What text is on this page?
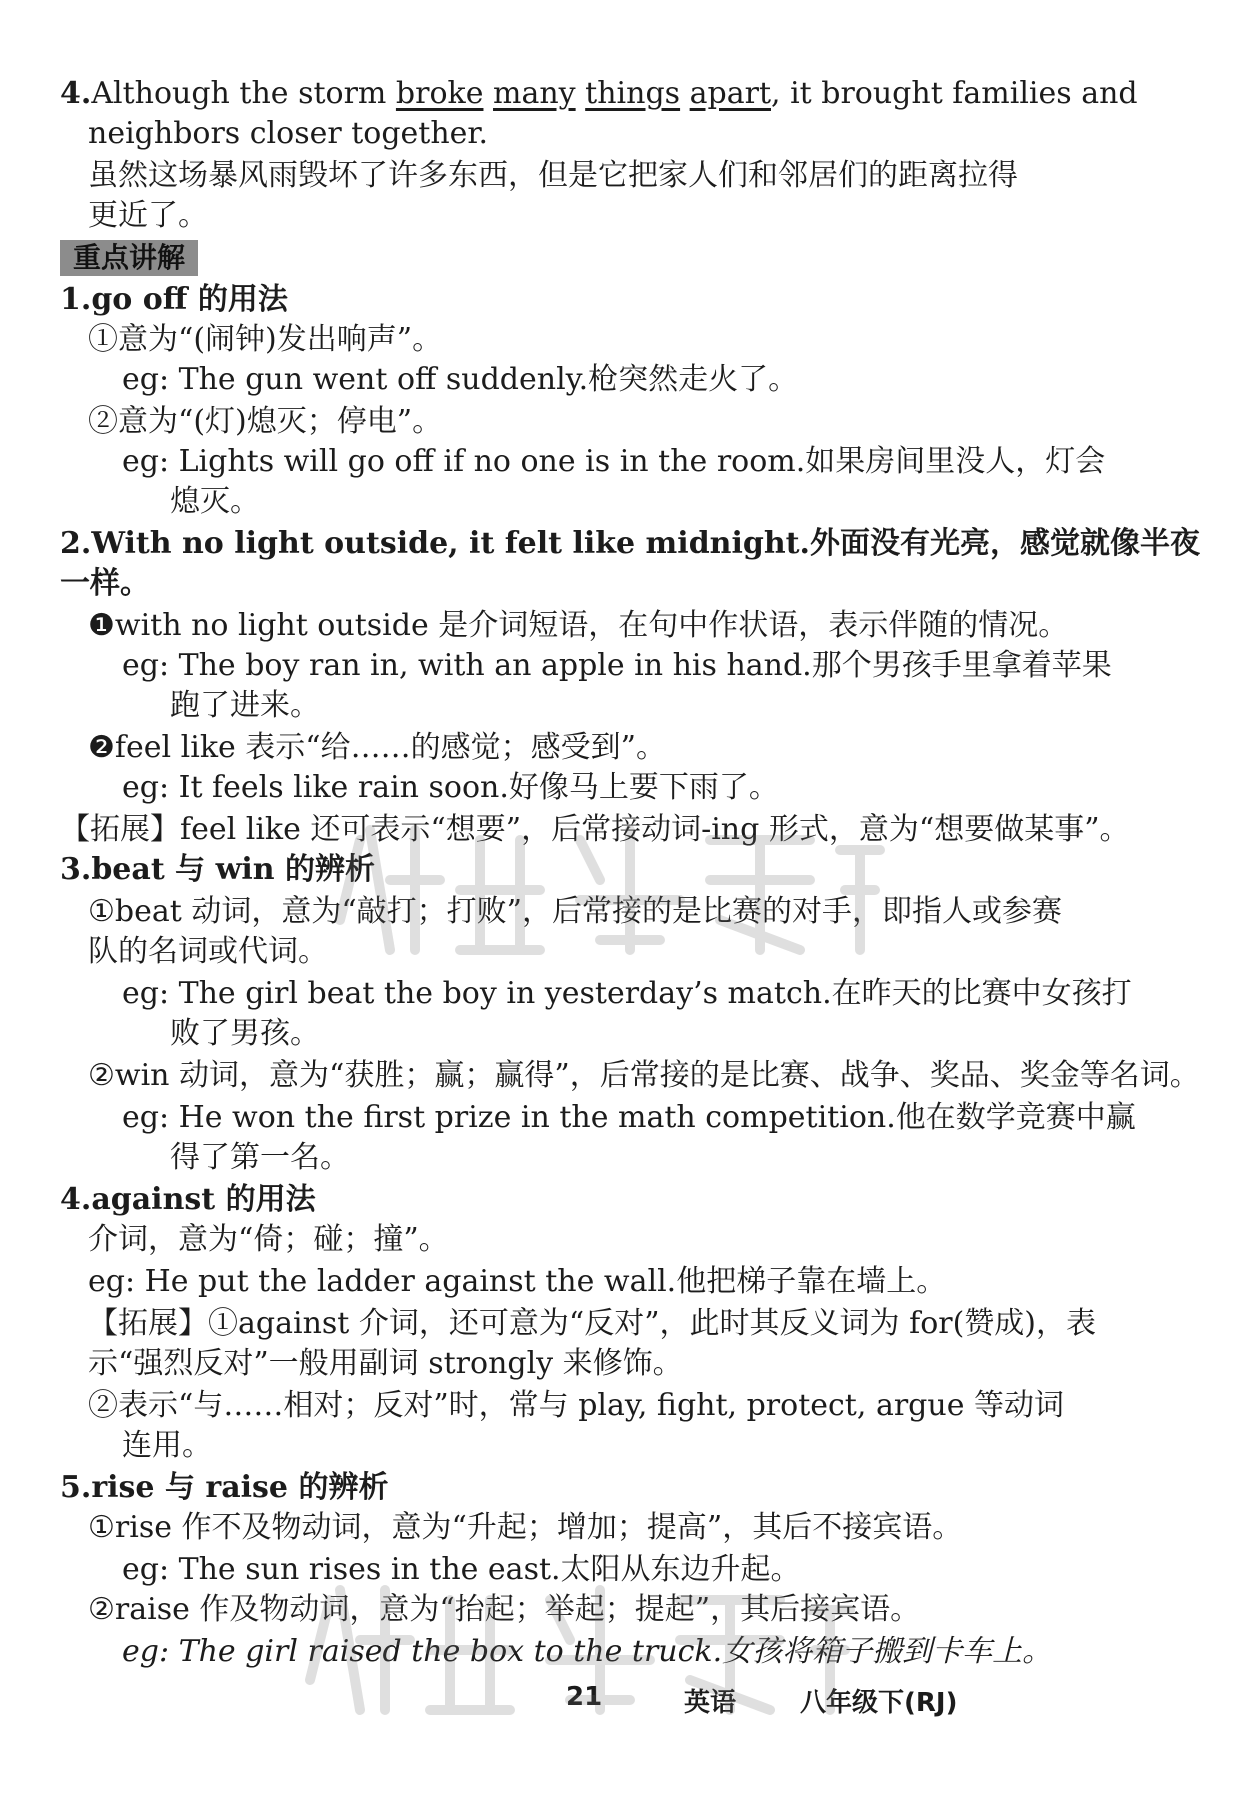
4.Although the storm broke many things apart, it brought families and
neighbors closer together.
虽然这场暴风雨毁坏了许多东西，但是它把家人们和邻居们的距离拉得
更近了。
重点讲解
1.go off 的用法
①意为“(闹钟)发出响声”。
eg: The gun went off suddenly.枪突然走火了。
②意为“(灯)熄灭；停电”。
eg: Lights will go off if no one is in the room.如果房间里没人，灯会
熄灭。
2.With no light outside, it felt like midnight.外面没有光亮，感觉就像半夜
一样。
❶with no light outside 是介词短语，在句中作状语，表示伴随的情况。
eg: The boy ran in, with an apple in his hand.那个男孩手里拿着苹果
跑了进来。
❷feel like 表示“给……的感觉；感受到”。
eg: It feels like rain soon.好像马上要下雨了。
【拓展】feel like 还可表示“想要”，后常接动词-ing 形式，意为“想要做某事”。
3.beat 与 win 的辨析
①beat 动词，意为“敲打；打败”，后常接的是比赛的对手，即指人或参赛
队的名词或代词。
eg: The girl beat the boy in yesterday’s match.在昨天的比赛中女孩打
败了男孩。
②win 动词，意为“获胜；赢；赢得”，后常接的是比赛、战争、奖品、奖金等名词。
eg: He won the first prize in the math competition.他在数学竞赛中赢
得了第一名。
4.against 的用法
介词，意为“倚；碰；撞”。
eg: He put the ladder against the wall.他把梯子靠在墙上。
【拓展】①against 介词，还可意为“反对”，此时其反义词为 for(赞成)，表
示“强烈反对”一般用副词 strongly 来修饰。
②表示“与……相对；反对”时，常与 play, fight, protect, argue 等动词
连用。
5.rise 与 raise 的辨析
①rise 作不及物动词，意为“升起；增加；提高”，其后不接宾语。
eg: The sun rises in the east.太阳从东边升起。
②raise 作及物动词，意为“抬起；举起；提起”，其后接宾语。
eg: The girl raised the box to the truck.女孩将箱子搬到卡车上。
21	英语 八年级下(RJ)
